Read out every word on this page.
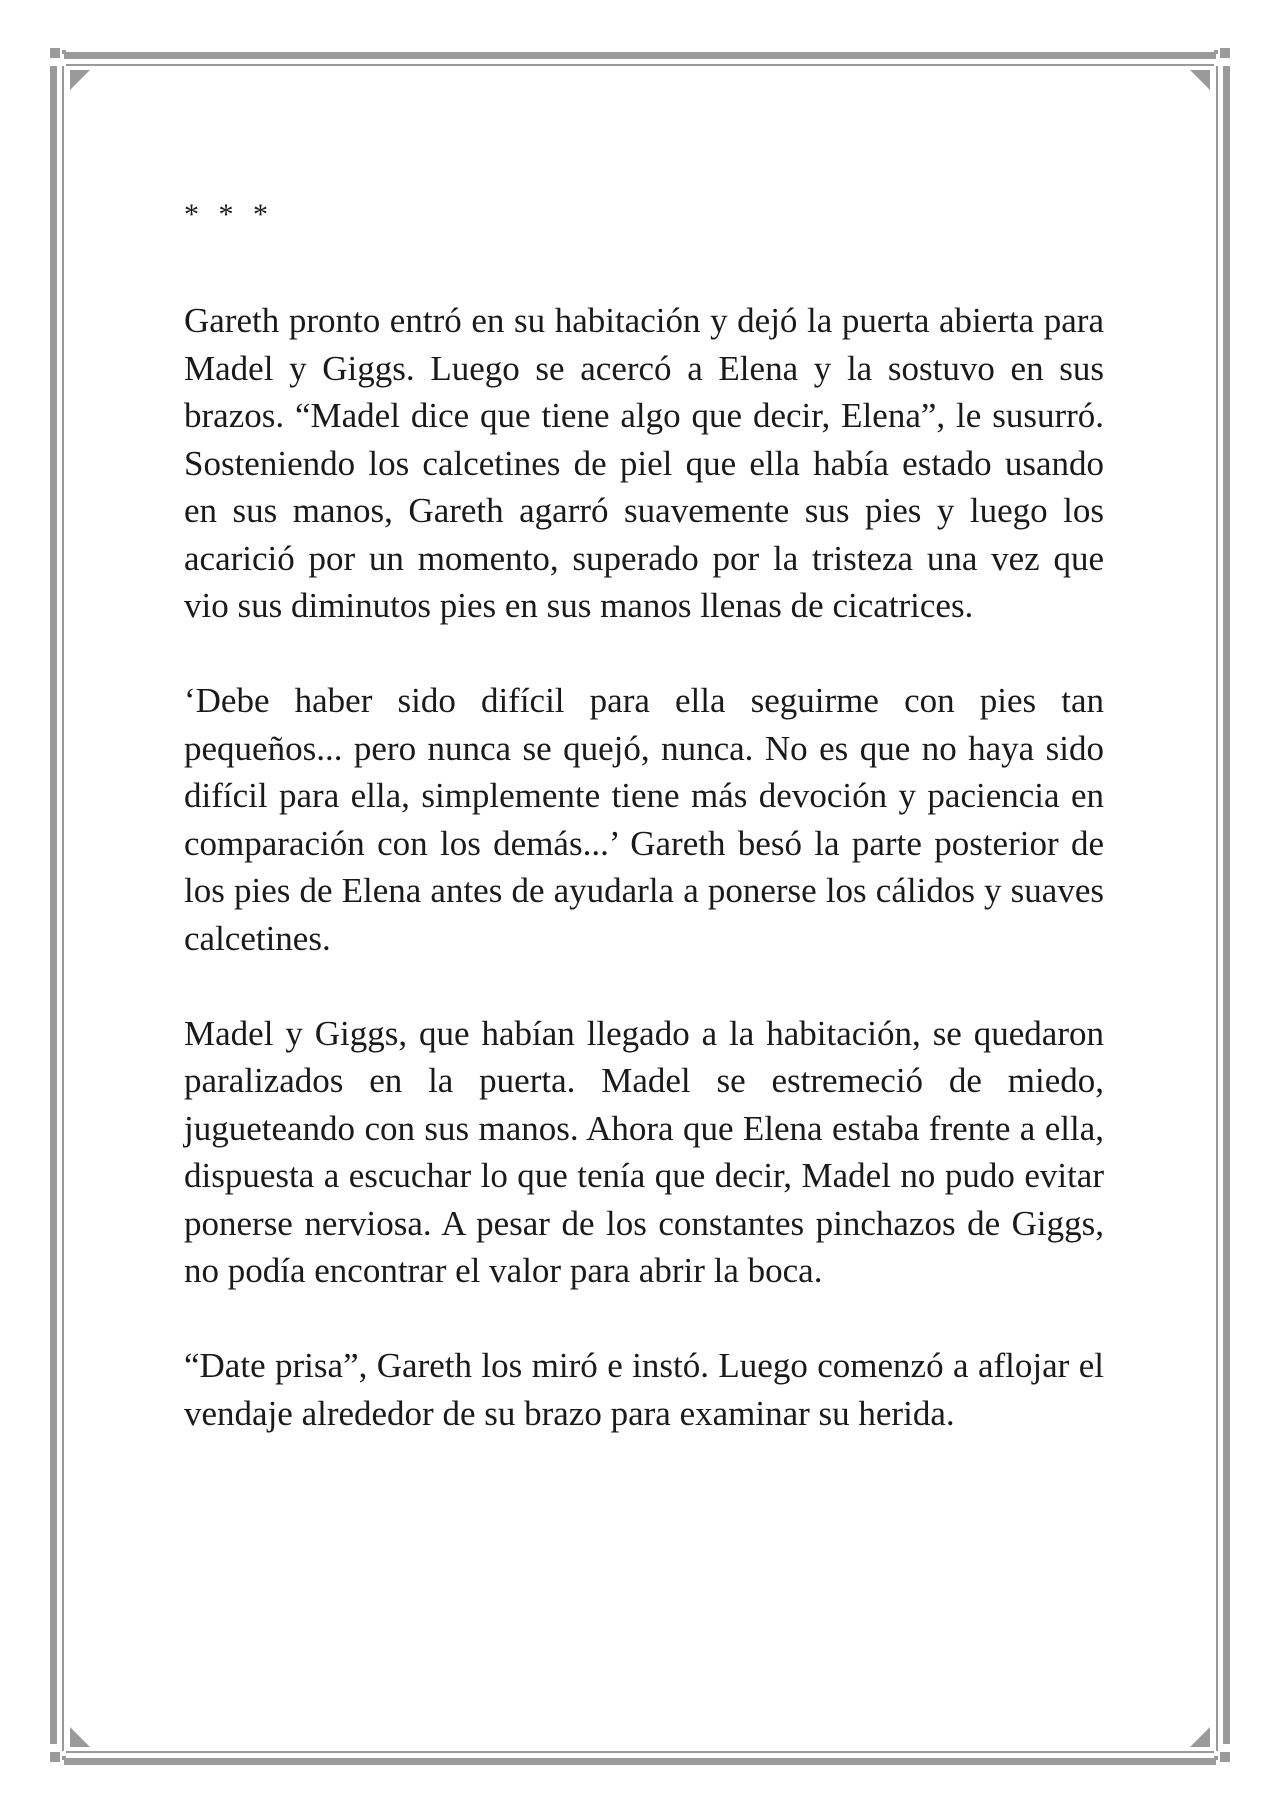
* * *

Gareth pronto entró en su habitación y dejó la puerta abierta para Madel y Giggs. Luego se acercó a Elena y la sostuvo en sus brazos. “Madel dice que tiene algo que decir, Elena”, le susurró. Sosteniendo los calcetines de piel que ella había estado usando en sus manos, Gareth agarró suavemente sus pies y luego los acarició por un momento, superado por la tristeza una vez que vio sus diminutos pies en sus manos llenas de cicatrices.

‘Debe haber sido difícil para ella seguirme con pies tan pequeños... pero nunca se quejó, nunca. No es que no haya sido difícil para ella, simplemente tiene más devoción y paciencia en comparación con los demás...’ Gareth besó la parte posterior de los pies de Elena antes de ayudarla a ponerse los cálidos y suaves calcetines.

Madel y Giggs, que habían llegado a la habitación, se quedaron paralizados en la puerta. Madel se estremeció de miedo, jugueteando con sus manos. Ahora que Elena estaba frente a ella, dispuesta a escuchar lo que tenía que decir, Madel no pudo evitar ponerse nerviosa. A pesar de los constantes pinchazos de Giggs, no podía encontrar el valor para abrir la boca.

“Date prisa”, Gareth los miró e instó. Luego comenzó a aflojar el vendaje alrededor de su brazo para examinar su herida.
